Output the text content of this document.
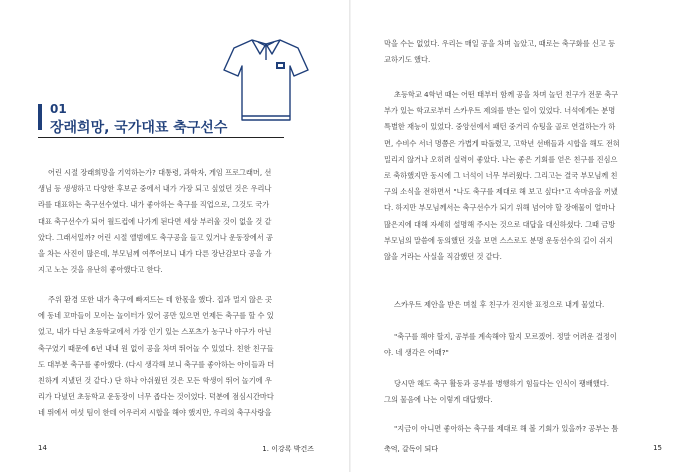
01
장래희망, 국가대표 축구선수

어린 시절 장래희망을 기억하는가? 대통령, 과학자, 게임 프로그래머, 선
생님 등 생생하고 다양한 후보군 중에서 내가 가장 되고 싶었던 것은 우리나
라를 대표하는 축구선수였다. 내가 좋아하는 축구를 직업으로, 그것도 국가
대표 축구선수가 되어 월드컵에 나가게 된다면 세상 부러울 것이 없을 것 같
았다. 그래서일까? 어린 시절 앨범에도 축구공을 들고 있거나 운동장에서 공
을 차는 사진이 많은데, 부모님께 여쭈어보니 내가 다른 장난감보다 공을 가
지고 노는 것을 유난히 좋아했다고 한다.

주위 환경 또한 내가 축구에 빠져드는 데 한몫을 했다. 집과 멀지 않은 곳
에 동네 꼬마들이 모이는 놀이터가 있어 공만 있으면 언제든 축구를 할 수 있
었고, 내가 다닌 초등학교에서 가장 인기 있는 스포츠가 농구나 야구가 아닌
축구였기 때문에 6년 내내 원 없이 공을 차며 뛰어놀 수 있었다. 친한 친구들
도 대부분 축구를 좋아했다. (다시 생각해 보니 축구를 좋아하는 아이들과 더
친하게 지냈던 것 같다.) 단 하나 아쉬웠던 것은 모든 학생이 뛰어 놀기에 우
리가 다녔던 초등학교 운동장이 너무 좁다는 것이었다. 덕분에 점심시간마다
네 뛰에서 여섯 팀이 한데 어우러져 시합을 해야 했지만, 우리의 축구사랑을

14	1. 이강록 박건즈

막을 수는 없었다. 우리는 매일 공을 차며 놀았고, 때로는 축구화를 신고 등
교하기도 했다.

초등학교 4학년 때는 어떤 태부터 함께 공을 차며 놀던 친구가 전문 축구
부가 있는 학교로부터 스카우트 제의를 받는 일이 있었다. 너석에게는 분명
특별한 재능이 있었다. 중앙선에서 패턴 중거리 슈팅을 골로 연결하는가 하
면, 수비수 서너 명쯤은 가볍게 따돌렸고, 고학년 선배들과 시합을 해도 전혀
밀리지 않거나 오히려 실력이 좋았다. 나는 좋은 기회를 얻은 친구를 진심으
로 축하했지만 동시에 그 너석이 너무 부러웠다. 그리고는 결국 부모님께 친
구의 소식을 전하면서 "나도 축구를 제대로 해 보고 싶다!"고 속마음을 꺼냈
다. 하지만 부모님께서는 축구선수가 되기 위해 넘어야 할 장애물이 얼마나
많은지에 대해 자세히 설명해 주시는 것으로 대답을 대신하셨다. 그때 금방
부모님의 말씀에 동의했던 것을 보면 스스로도 분명 운동선수의 길이 쉬지
않을 거라는 사실을 직감했던 것 같다.

스카우트 제안을 받은 며칠 후 친구가 진지한 표정으로 내게 물었다.

"축구를 해야 할지, 공부를 계속해야 할지 모르겠어. 정말 어려운 결정이
야. 네 생각은 어때?"

당시만 해도 축구 활동과 공부를 병행하기 힘들다는 인식이 팽배했다.
그의 물음에 나는 이렇게 대답했다.

"지금이 아니면 좋아하는 축구를 제대로 해 볼 기회가 있을까? 공부는 틈

축억, 갈독이 되다	15
